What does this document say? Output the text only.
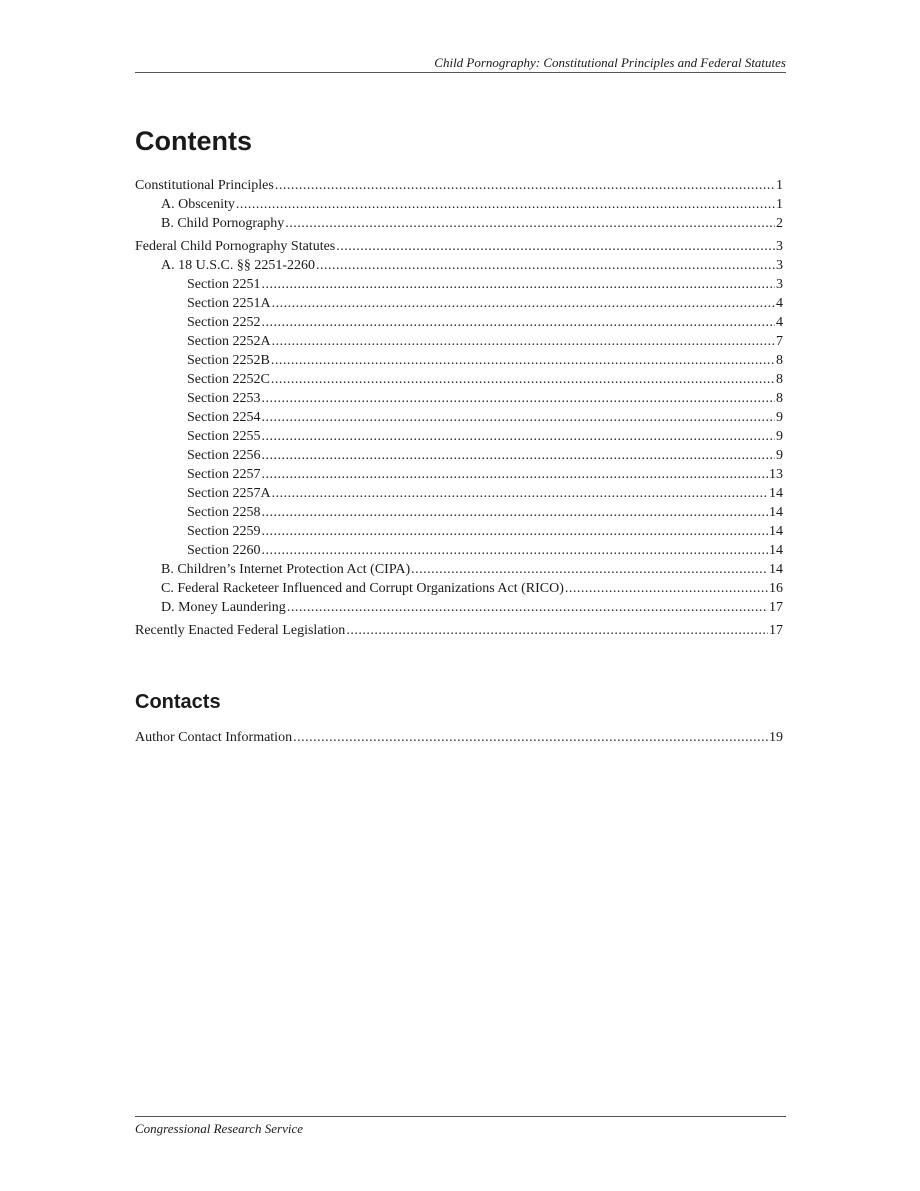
Child Pornography: Constitutional Principles and Federal Statutes
Contents
Constitutional Principles .....	1
A. Obscenity .....	1
B. Child Pornography .....	2
Federal Child Pornography Statutes .....	3
A. 18 U.S.C. §§ 2251-2260 .....	3
Section 2251 .....	3
Section 2251A .....	4
Section 2252 .....	4
Section 2252A .....	7
Section 2252B .....	8
Section 2252C .....	8
Section 2253 .....	8
Section 2254 .....	9
Section 2255 .....	9
Section 2256 .....	9
Section 2257 .....	13
Section 2257A .....	14
Section 2258 .....	14
Section 2259 .....	14
Section 2260 .....	14
B. Children’s Internet Protection Act (CIPA) .....	14
C. Federal Racketeer Influenced and Corrupt Organizations Act (RICO) .....	16
D. Money Laundering .....	17
Recently Enacted Federal Legislation .....	17
Contacts
Author Contact Information .....	19
Congressional Research Service
